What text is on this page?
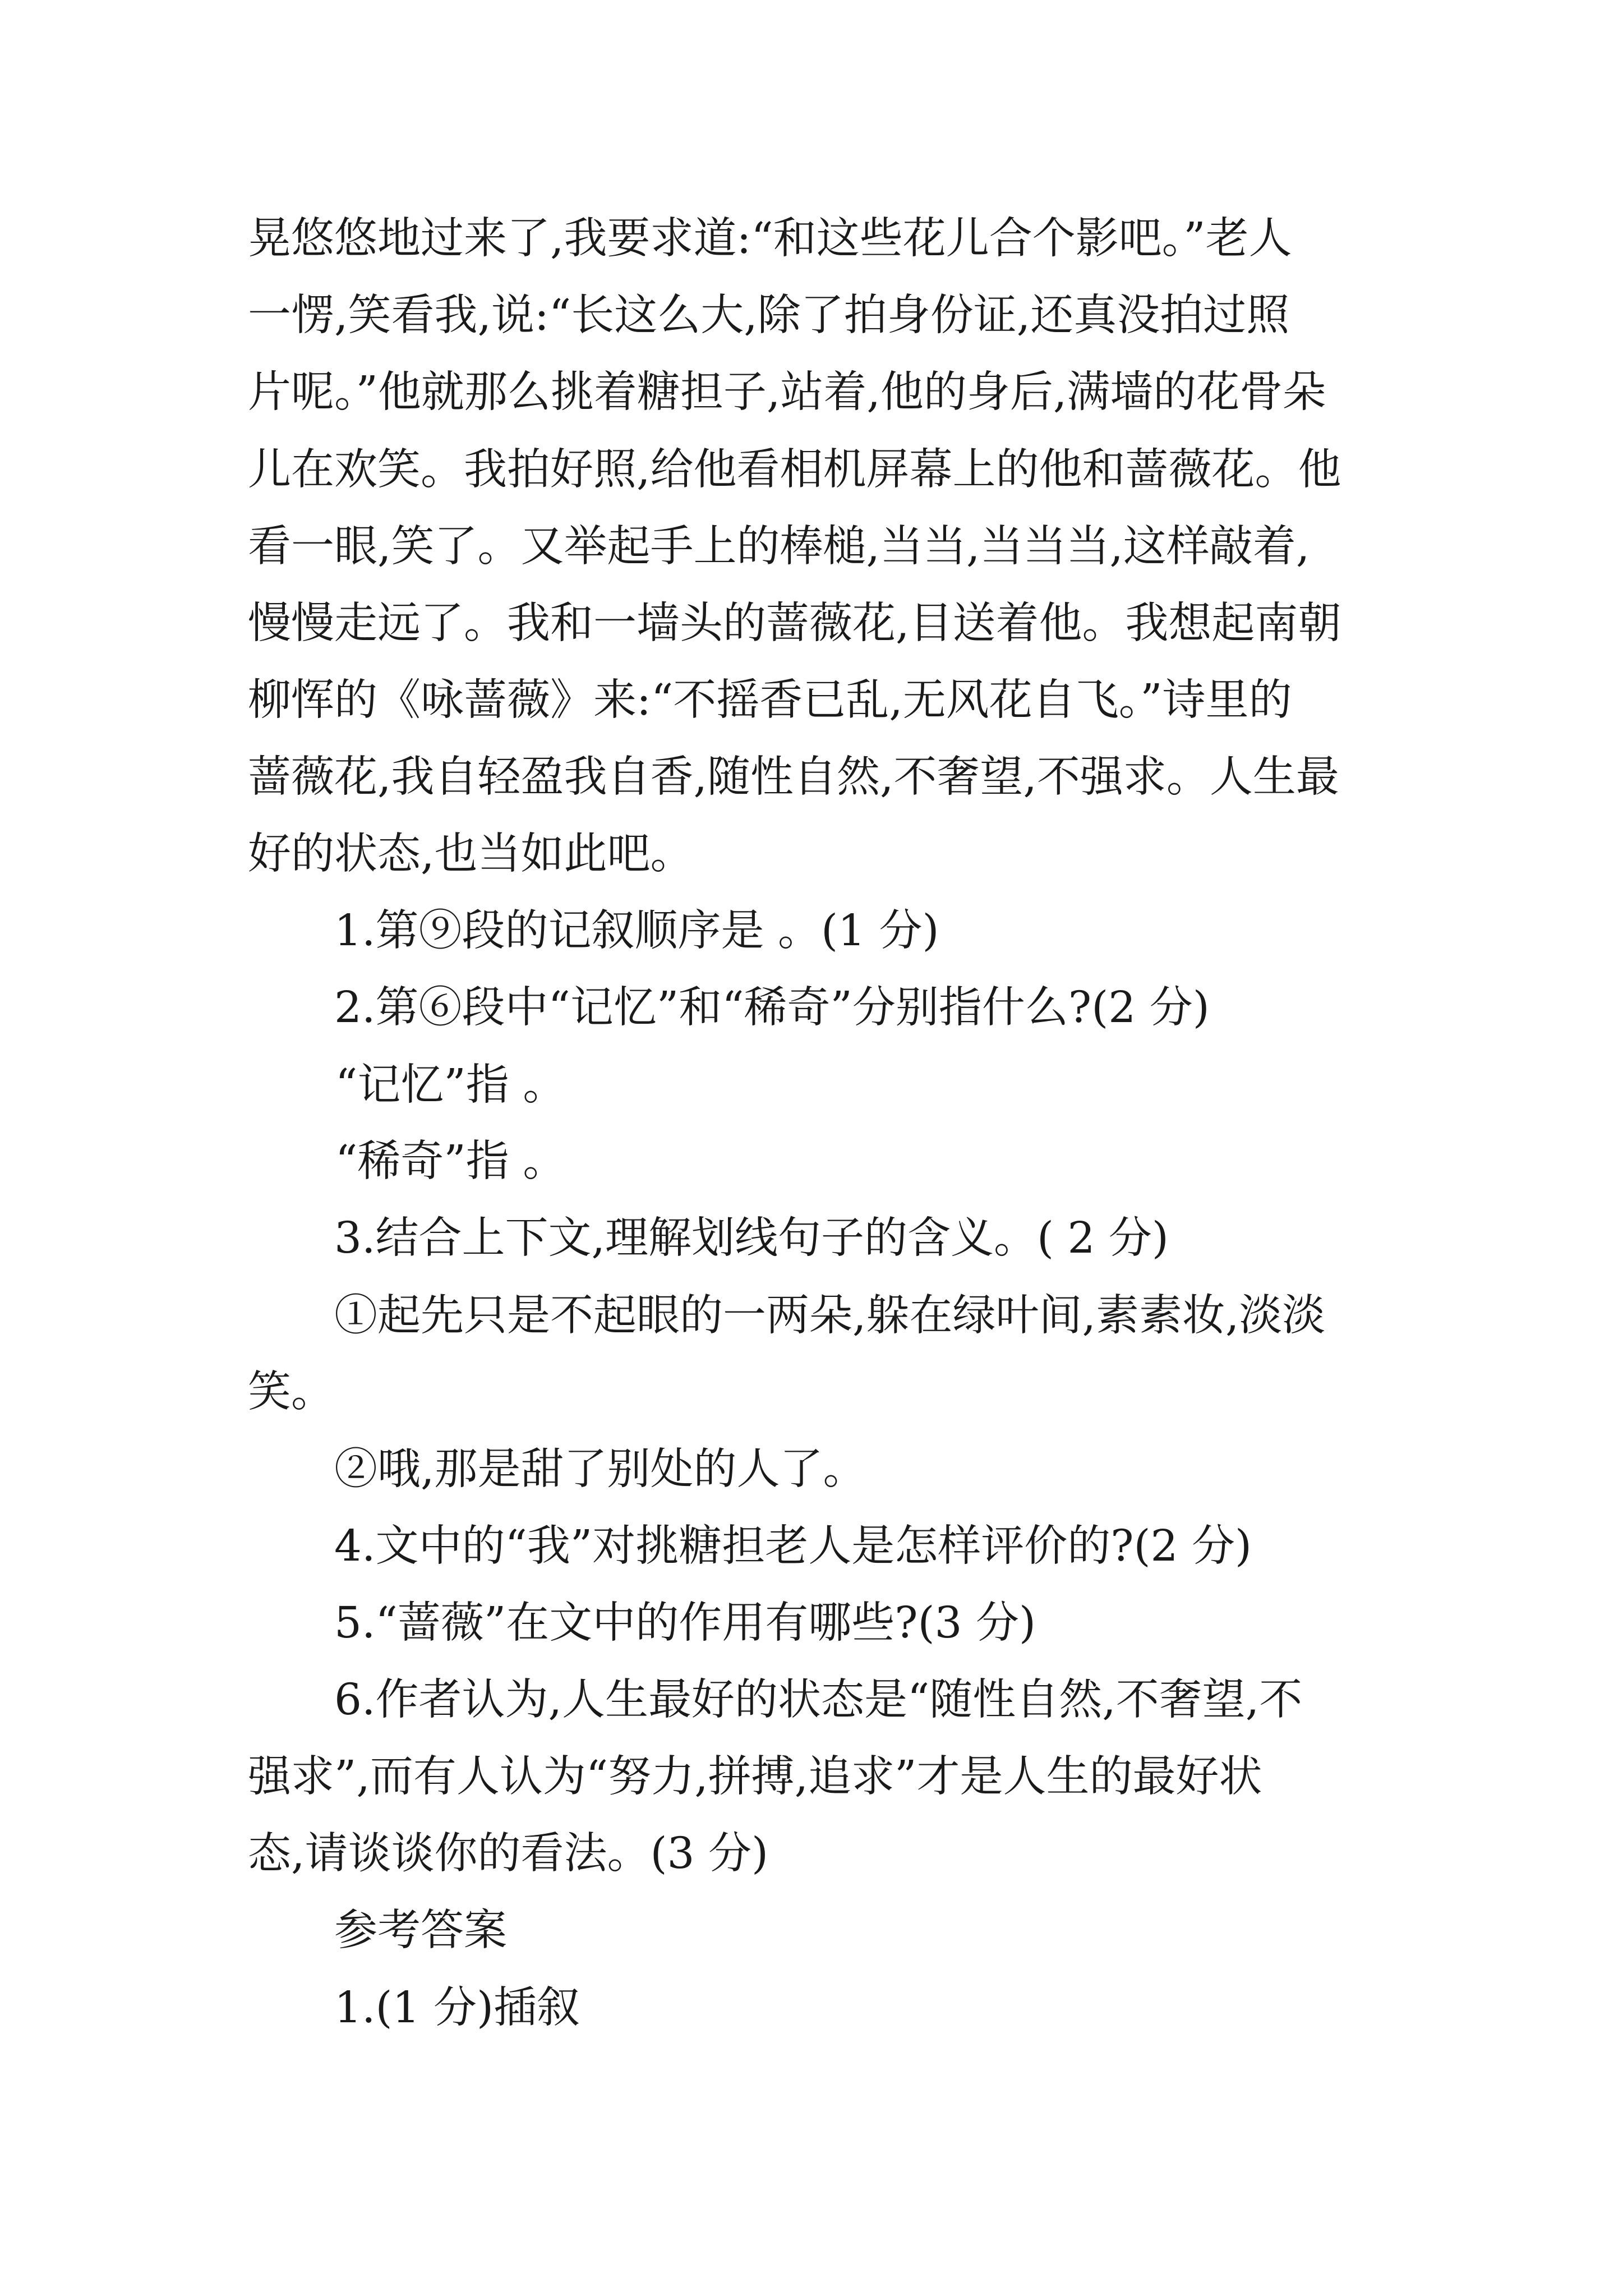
晃悠悠地过来了,我要求道:“和这些花儿合个影吧。”老人

一愣,笑看我,说:“长这么大,除了拍身份证,还真没拍过照

片呢。”他就那么挑着糖担子,站着,他的身后,满墙的花骨朵

儿在欢笑。我拍好照,给他看相机屏幕上的他和蔷薇花。他

看一眼,笑了。又举起手上的棒槌,当当,当当当,这样敲着,

慢慢走远了。我和一墙头的蔷薇花,目送着他。我想起南朝

柳恽的《咏蔷薇》来:“不摇香已乱,无风花自飞。”诗里的

蔷薇花,我自轻盈我自香,随性自然,不奢望,不强求。人生最

好的状态,也当如此吧。

1.第⑨段的记叙顺序是 。(1 分)

2.第⑥段中“记忆”和“稀奇”分别指什么?(2 分)

“记忆”指 。

“稀奇”指 。

3.结合上下文,理解划线句子的含义。( 2 分)

①起先只是不起眼的一两朵,躲在绿叶间,素素妆,淡淡

笑。

②哦,那是甜了别处的人了。

4.文中的“我”对挑糖担老人是怎样评价的?(2 分)

5.“蔷薇”在文中的作用有哪些?(3 分)

6.作者认为,人生最好的状态是“随性自然,不奢望,不

强求”,而有人认为“努力,拼搏,追求”才是人生的最好状

态,请谈谈你的看法。(3 分)

参考答案

1.(1 分)插叙
